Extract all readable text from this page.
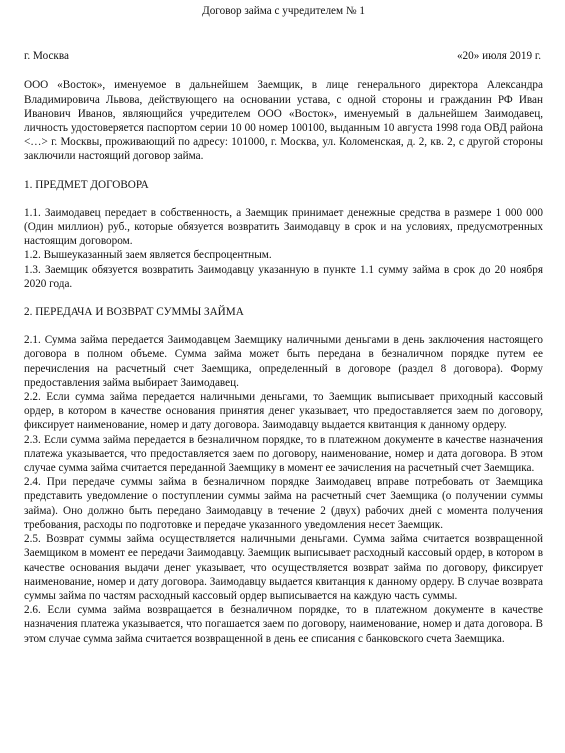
Договор займа с учредителем № 1
г. Москва	«20» июля 2019 г.

ООО «Восток», именуемое в дальнейшем Заемщик, в лице генерального директора Александра Владимировича Львова, действующего на основании устава, с одной стороны и гражданин РФ Иван Иванович Иванов, являющийся учредителем ООО «Восток», именуемый в дальнейшем Заимодавец, личность удостоверяется паспортом серии 10 00 номер 100100, выданным 10 августа 1998 года ОВД района <…> г. Москвы, проживающий по адресу: 101000, г. Москва, ул. Коломенская, д. 2, кв. 2, с другой стороны заключили настоящий договор займа.

1. ПРЕДМЕТ ДОГОВОРА

1.1. Заимодавец передает в собственность, а Заемщик принимает денежные средства в размере 1 000 000 (Один миллион) руб., которые обязуется возвратить Заимодавцу в срок и на условиях, предусмотренных настоящим договором.

1.2. Вышеуказанный заем является беспроцентным.

1.3. Заемщик обязуется возвратить Заимодавцу указанную в пункте 1.1 сумму займа в срок до 20 ноября 2020 года.

2. ПЕРЕДАЧА И ВОЗВРАТ СУММЫ ЗАЙМА

2.1. Сумма займа передается Заимодавцем Заемщику наличными деньгами в день заключения настоящего договора в полном объеме. Сумма займа может быть передана в безналичном порядке путем ее перечисления на расчетный счет Заемщика, определенный в договоре (раздел 8 договора). Форму предоставления займа выбирает Заимодавец.

2.2. Если сумма займа передается наличными деньгами, то Заемщик выписывает приходный кассовый ордер, в котором в качестве основания принятия денег указывает, что предоставляется заем по договору, фиксирует наименование, номер и дату договора. Заимодавцу выдается квитанция к данному ордеру.

2.3. Если сумма займа передается в безналичном порядке, то в платежном документе в качестве назначения платежа указывается, что предоставляется заем по договору, наименование, номер и дата договора. В этом случае сумма займа считается переданной Заемщику в момент ее зачисления на расчетный счет Заемщика.

2.4. При передаче суммы займа в безналичном порядке Заимодавец вправе потребовать от Заемщика представить уведомление о поступлении суммы займа на расчетный счет Заемщика (о получении суммы займа). Оно должно быть передано Заимодавцу в течение 2 (двух) рабочих дней с момента получения требования, расходы по подготовке и передаче указанного уведомления несет Заемщик.

2.5. Возврат суммы займа осуществляется наличными деньгами. Сумма займа считается возвращенной Заемщиком в момент ее передачи Заимодавцу. Заемщик выписывает расходный кассовый ордер, в котором в качестве основания выдачи денег указывает, что осуществляется возврат займа по договору, фиксирует наименование, номер и дату договора. Заимодавцу выдается квитанция к данному ордеру. В случае возврата суммы займа по частям расходный кассовый ордер выписывается на каждую часть суммы.

2.6. Если сумма займа возвращается в безналичном порядке, то в платежном документе в качестве назначения платежа указывается, что погашается заем по договору, наименование, номер и дата договора. В этом случае сумма займа считается возвращенной в день ее списания с банковского счета Заемщика.
